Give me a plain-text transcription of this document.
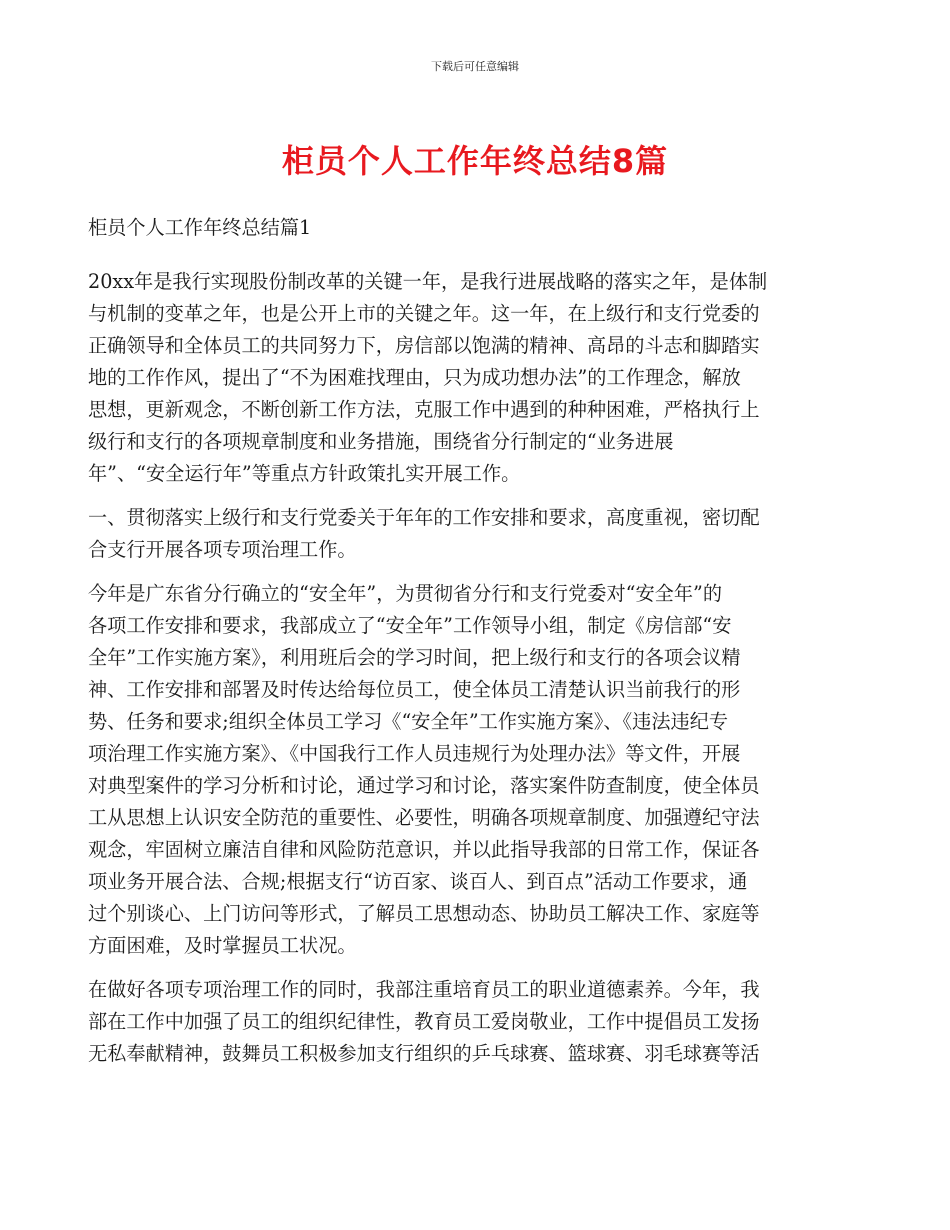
下载后可任意编辑
柜员个人工作年终总结8篇
柜员个人工作年终总结篇1
20xx年是我行实现股份制改革的关键一年，是我行进展战略的落实之年，是体制
与机制的变革之年，也是公开上市的关键之年。这一年，在上级行和支行党委的
正确领导和全体员工的共同努力下，房信部以饱满的精神、高昂的斗志和脚踏实
地的工作作风，提出了“不为困难找理由，只为成功想办法”的工作理念，解放
思想，更新观念，不断创新工作方法，克服工作中遇到的种种困难，严格执行上
级行和支行的各项规章制度和业务措施，围绕省分行制定的“业务进展
年”、“安全运行年”等重点方针政策扎实开展工作。
一、贯彻落实上级行和支行党委关于年年的工作安排和要求，高度重视，密切配
合支行开展各项专项治理工作。
今年是广东省分行确立的“安全年”，为贯彻省分行和支行党委对“安全年”的
各项工作安排和要求，我部成立了“安全年”工作领导小组，制定《房信部“安
全年”工作实施方案》，利用班后会的学习时间，把上级行和支行的各项会议精
神、工作安排和部署及时传达给每位员工，使全体员工清楚认识当前我行的形
势、任务和要求;组织全体员工学习《“安全年”工作实施方案》、《违法违纪专
项治理工作实施方案》、《中国我行工作人员违规行为处理办法》等文件，开展
对典型案件的学习分析和讨论，通过学习和讨论，落实案件防查制度，使全体员
工从思想上认识安全防范的重要性、必要性，明确各项规章制度、加强遵纪守法
观念，牢固树立廉洁自律和风险防范意识，并以此指导我部的日常工作，保证各
项业务开展合法、合规;根据支行“访百家、谈百人、到百点”活动工作要求，通
过个别谈心、上门访问等形式，了解员工思想动态、协助员工解决工作、家庭等
方面困难，及时掌握员工状况。
在做好各项专项治理工作的同时，我部注重培育员工的职业道德素养。今年，我
部在工作中加强了员工的组织纪律性，教育员工爱岗敬业，工作中提倡员工发扬
无私奉献精神，鼓舞员工积极参加支行组织的乒乓球赛、篮球赛、羽毛球赛等活
